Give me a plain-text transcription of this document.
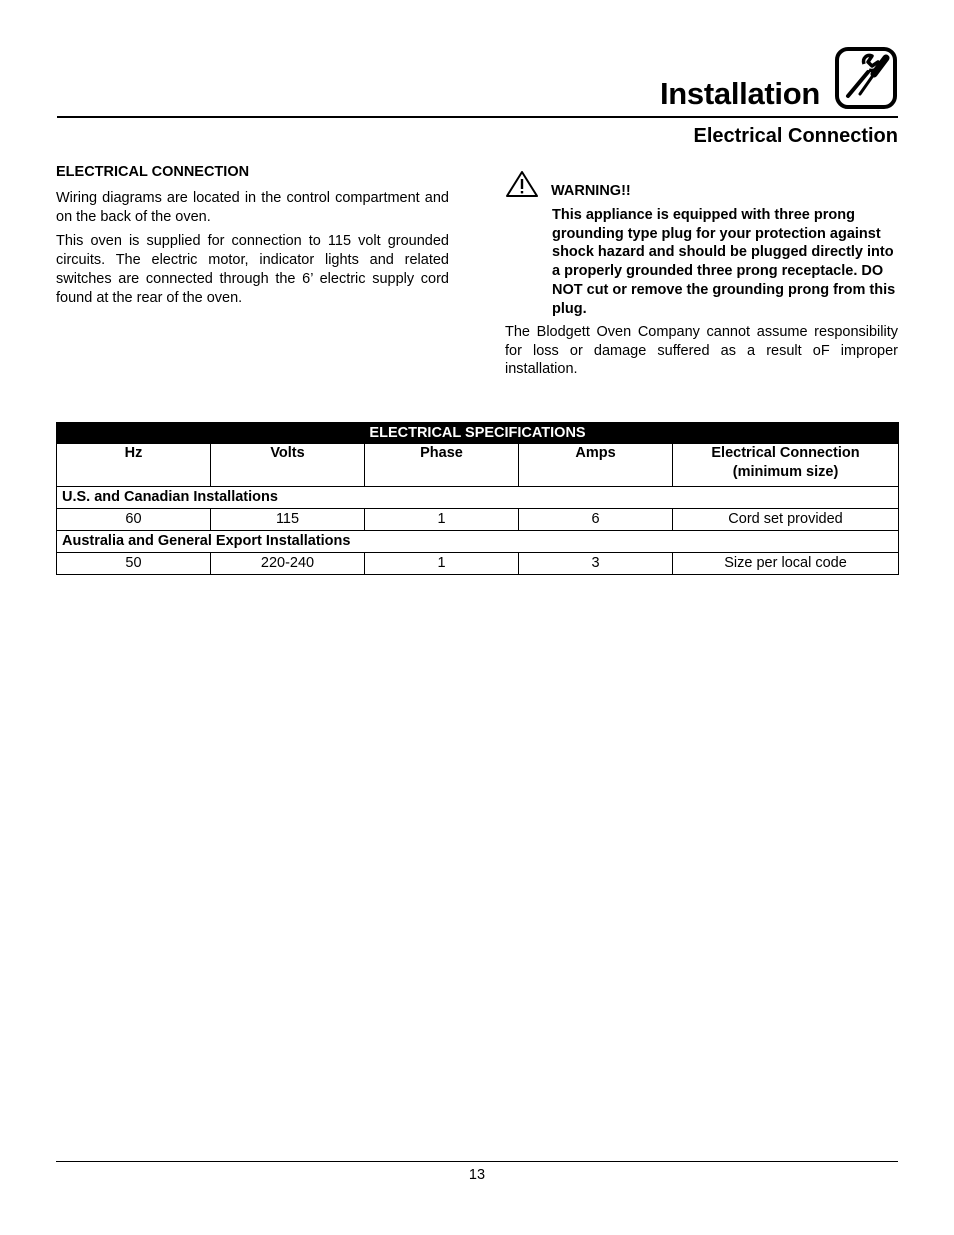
Installation
Electrical Connection
ELECTRICAL CONNECTION

Wiring diagrams are located in the control compartment and on the back of the oven.

This oven is supplied for connection to 115 volt grounded circuits. The electric motor, indicator lights and related switches are connected through the 6’ electric supply cord found at the rear of the oven.

WARNING!!

This appliance is equipped with three prong grounding type plug for your protection against shock hazard and should be plugged directly into a properly grounded three prong receptacle. DO NOT cut or remove the grounding prong from this plug.

The Blodgett Oven Company cannot assume responsibility for loss or damage suffered as a result oF improper installation.

ELECTRICAL SPECIFICATIONS				
Hz	Volts	Phase	Amps	Electrical Connection (minimum size)
U.S. and Canadian Installations				
60	115	1	6	Cord set provided
Australia and General Export Installations				
50	220-240	1	3	Size per local code
13
